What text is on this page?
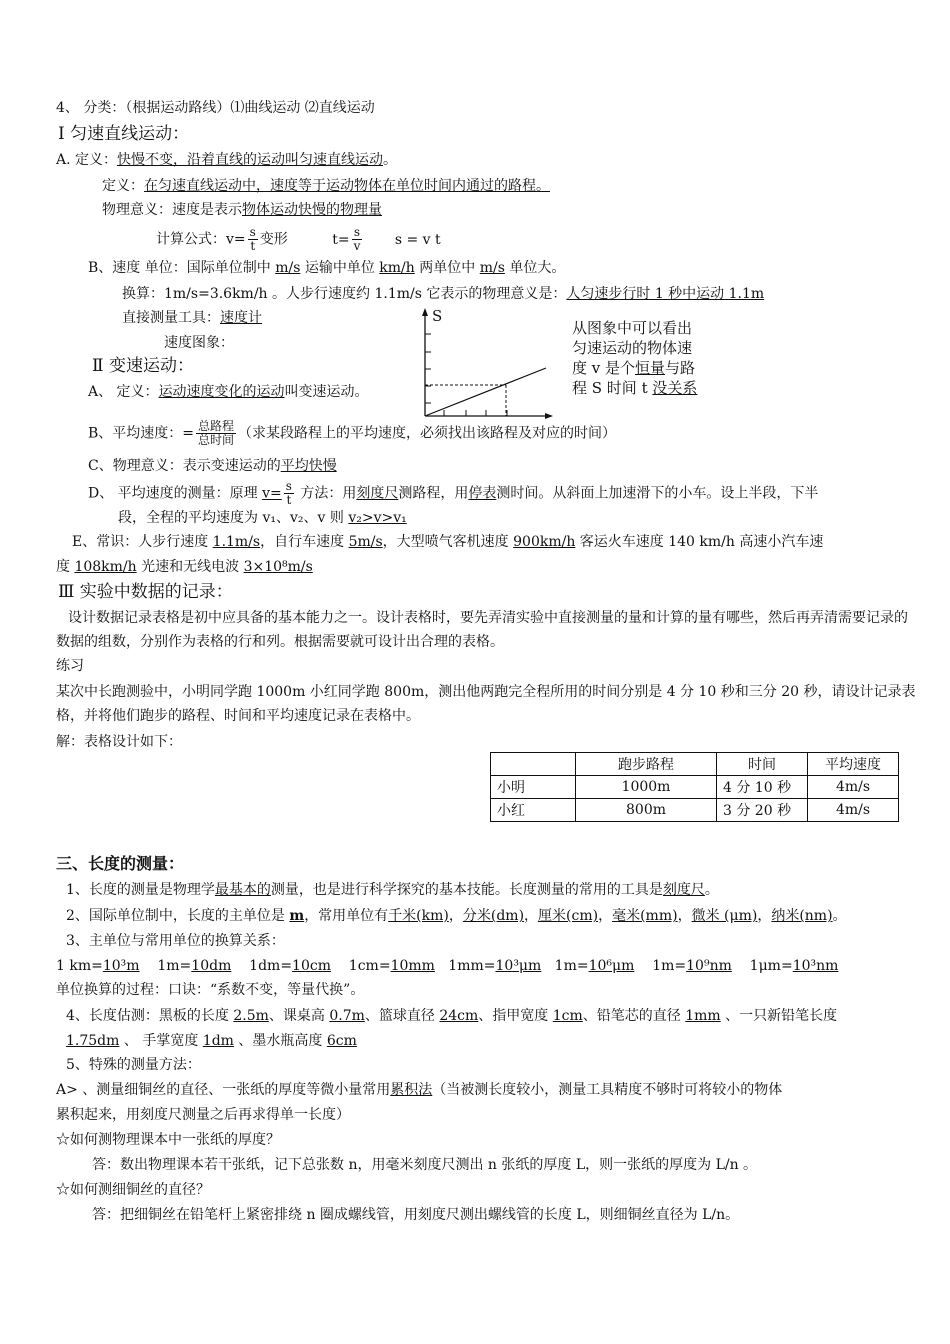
4、 分类：（根据运动路线）⑴曲线运动 ⑵直线运动
Ⅰ 匀速直线运动：
A. 定义：快慢不变，沿着直线的运动叫匀速直线运动。
定义：在匀速直线运动中，速度等于运动物体在单位时间内通过的路程。
物理意义：速度是表示物体运动快慢的物理量
计算公式：$v= \frac{s}{t}$ 变形	$t= \frac{s}{v}$ s = v t
B、速度 单位：国际单位制中 m/s 运输中单位 km/h 两单位中 m/s 单位大。
换算：1m/s=3.6km/h 。人步行速度约 1.1m/s 它表示的物理意义是：人匀速步行时 1 秒中运动 1.1m
直接测量工具：速度计
速度图象：
S
从图象中可以看出
匀速运动的物体速
度 v 是个恒量与路
程 S 时间 t 没关系
Ⅱ 变速运动：
A、 定义：运动速度变化的运动叫变速运动。
B、平均速度：= $\frac{\text{总路程}}{\text{总时间}}$ （求某段路程上的平均速度，必须找出该路程及对应的时间）
C、物理意义：表示变速运动的平均快慢
D、 平均速度的测量：原理 $v= \frac{s}{t}$ 方法：用刻度尺测路程，用停表测时间。从斜面上加速滑下的小车。设上半段，下半
段，全程的平均速度为 v₁、v₂、v 则 v₂>v>v₁
E、常识：人步行速度 1.1m/s，自行车速度 5m/s，大型喷气客机速度 900km/h 客运火车速度 140 km/h 高速小汽车速
度 108km/h 光速和无线电波 3×10⁸m/s
Ⅲ 实验中数据的记录：
设计数据记录表格是初中应具备的基本能力之一。设计表格时，要先弄清实验中直接测量的量和计算的量有哪些，然后再弄清需要记录的数据的组数，分别作为表格的行和列。根据需要就可设计出合理的表格。
练习
某次中长跑测验中，小明同学跑 1000m 小红同学跑 800m，测出他两跑完全程所用的时间分别是 4 分 10 秒和三分 20 秒，请设计记录表格，并将他们跑步的路程、时间和平均速度记录在表格中。
解：表格设计如下：
	跑步路程	时间	平均速度
小明	1000m	4 分 10 秒	4m/s
小红	800m	3 分 20 秒	4m/s
三、长度的测量：
1、长度的测量是物理学最基本的测量，也是进行科学探究的基本技能。长度测量的常用的工具是刻度尺。
2、国际单位制中，长度的主单位是 m，常用单位有千米(km)，分米(dm)，厘米(cm)，毫米(mm)，微米 (μm)，纳米(nm)。
3、主单位与常用单位的换算关系：
1 km=10³m 1m=10dm 1dm=10cm 1cm=10mm 1mm=10³μm 1m=10⁶μm 1m=10⁹nm 1μm=10³nm
单位换算的过程：口诀：“系数不变，等量代换”。
4、长度估测：黑板的长度 2.5m、课桌高 0.7m、篮球直径 24cm、指甲宽度 1cm、铅笔芯的直径 1mm 、一只新铅笔长度
1.75dm 、 手掌宽度 1dm 、墨水瓶高度 6cm
5、特殊的测量方法：
A> 、测量细铜丝的直径、一张纸的厚度等微小量常用累积法（当被测长度较小，测量工具精度不够时可将较小的物体
累积起来，用刻度尺测量之后再求得单一长度）
☆如何测物理课本中一张纸的厚度？
答：数出物理课本若干张纸，记下总张数 n，用毫米刻度尺测出 n 张纸的厚度 L，则一张纸的厚度为 L/n 。
☆如何测细铜丝的直径？
答：把细铜丝在铅笔杆上紧密排绕 n 圈成螺线管，用刻度尺测出螺线管的长度 L，则细铜丝直径为 L/n。
